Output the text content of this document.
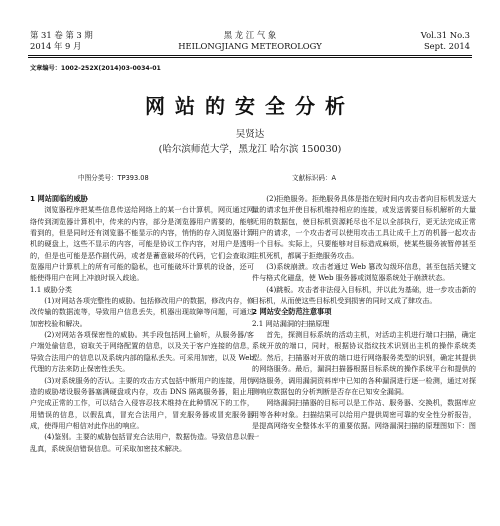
第 31 卷 第 3 期
2014 年 9 月
黑 龙 江 气 象
HEILONGJIANG METEOROLOGY
Vol.31 No.3
Sept. 2014
文章编号：1002-252X(2014)03-0034-01
网站的安全分析
吴贤达
(哈尔滨师范大学，黑龙江 哈尔滨 150030)
中图分类号：TP393.08	文献标识码：A
1 网站面临的威胁

浏览器程序把某些信息传送给网络上的某一台计算机，网页通过网络传到浏览器计算机中，传来的内容，部分是浏览器用户需要的，能够看到的，但是同时还有浏览器不能显示的内容，悄悄的存入浏览器计算机的硬盘上，这些不显示的内容，可能是协议工作内容，对用户是透明的，但是也可能是恶作剧代码，或者是蓄意破坏的代码，它们会查取浏览器用户计算机上的所有可能的隐私，也可能破坏计算机的设备，还可能使得用户在网上冲浪时误入歧途。

1.1 威胁分类

(1)对网站各项完整性的威胁。包括修改用户的数据，修改内存，修改传输的数据流等，导致用户信息丢失，机器出现故障等问题，可通过加密校验和解决。

(2)对网站各项保密性的威胁。其手段包括网上偷听，从服务器/客户端处偷信息，窃取关于网络配置的信息，以及关于客户连接的信息，导致合法用户的信息以及系统内部的隐私丢失。可采用加密，以及 Web 代理的方法来防止保密性丢失。

(3)对系统服务的否认。主要的攻击方式包括中断用户的连接，用伪造的威胁堵设服务器塞满硬盘或内存，攻击 DNS 隔离服务器，阻止用户完成正常的工作，可以结合入侵容忍技术维持在此种情况下的工作，用错误的信息，以假乱真，冒充合法用户，冒充服务器或冒充服务器成，使得用户相信对此作出的响应。

(4)鉴别。主要的威胁包括冒充合法用户，数据伪造。导致信息以假乱真，系统误信错误信息。可采取加密技术解决。

(2)拒绝服务。拒绝服务具体是指在短时间内攻击者向目标机发送大量的请求包并使目标机维持相应的连接，或发送需要目标机解析的大量无用的数据包，使目标机资源耗尽也不足以全部执行，更无法完成正常用户的请求，一个攻击者可以使用攻击工具让成千上万的机器一起攻击一个目标。实际上，只要能够对目标造成麻烦，使某些服务被暂停甚至主机死机，都属于拒绝服务攻击。

(3)系统崩溃。攻击者通过 Web 篡改勾级环信息，甚至包括关键文件与格式化磁盘，使 Web 服务器或浏览器系统处于崩溃状态。

(4)跳板。攻击者非法侵入目标机，并以此为基础，进一步攻击新的目标机，从而使这些目标机受到损害的同时又成了肆攻击。

2 网站安全防范注意事项
2.1 网站漏洞的扫描原理

首先，探测目标系统的活动主机，对活动主机进行端口扫描，确定系统开放的端口，同时，根据协议指纹技术识别出主机的操作系统类型。然后，扫描器对开放的端口进行网络服务类型的识别，确定其提供的网络服务。最后，漏洞扫描器根据目标系统的操作系统平台和提供的网络服务，调用漏洞资料库中已知的各种漏洞进行逐一检测，通过对探测响应数据包的分析判断是否存在已知安全漏洞。

网络漏洞扫描器的目标可以是工作站、服务器、交换机，数据库应用等各种对象。扫描结果可以给用户提供周密可靠的安全性分析报告，是提高网络安全整体水平的重要依据。网络漏洞扫描的原理图如下：图一
